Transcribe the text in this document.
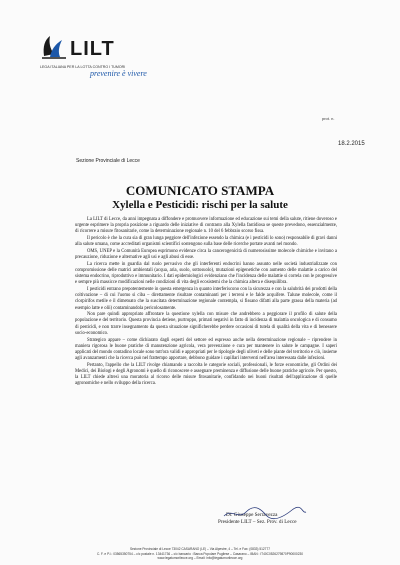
LILT
LEGA ITALIANA PER LA LOTTA CONTRO I TUMORI
prevenire è vivere
prot. n.
18.2.2015
Sezione Provinciale di Lecce
COMUNICATO STAMPA
Xylella e Pesticidi: rischi per la salute

La LILT di Lecce, da anni impegnata a diffondere e promuovere informazione ed educazione sui temi della salute, ritiene doveroso e urgente esprimere la propria posizione a riguardo delle iniziative di contrasto alla Xylella fastidiosa se queste prevedono, essenzialmente, di ricorrere a misure fitosanitarie, come la determinazione regionale n. 10 del 6 febbraio scorso fissa.

Il pericolo è che la cura sia di gran lunga peggiore dell'infezione essendo la chimica (e i pesticidi lo sono) responsabile di gravi danni alla salute umana, come accreditati organismi scientifici sostengono sulla base delle ricerche portate avanti nel mondo.

OMS, UNEP e la Comunità Europea esprimono evidenze circa la cancerogenicità di numerosissime molecole chimiche e invitano a precauzione, riduzione e alternative agli usi e agli abusi di esse.

La ricerca mette in guardia dal ruolo pervasivo che gli interferenti endocrini hanno assunto nelle società industrializzate con compromissione delle matrici ambientali (acqua, aria, suolo, sottosuolo), mutazioni epigenetiche con aumento delle malattie a carico del sistema endocrino, riproduttivo e immunitario. I dati epidemiologici evidenziano che l'incidenza delle malattie si correla con le progressive e sempre più massicce modificazioni nelle condizioni di vita degli ecosistemi che la chimica altera e disequilibra.

I pesticidi entrano prepotentemente in questa emergenza in quanto interferiscono con la sicurezza e con la salubrità dei prodotti della coltivazione – di cui l'uomo si ciba – direttamente risultare contaminanti per i terreni e le falde acquifere. Talune molecole, come il clorpirifos metile e il dimetoato che la suscitata determinazione regionale contempla, si fissano difatti alla parte grassa della materia (ad esempio latte e olii) contaminandola pericolosamente.

Non pare quindi appropriato affrontare la questione xylella con misure che andrebbero a peggiorare il profilo di salute della popolazione e del territorio. Questa provincia detiene, purtroppo, primati negativi in fatto di incidenza di malattia oncologica e di consumo di pesticidi, e non trarre insegnamento da questa situazione significherebbe perdere occasioni di tutela di qualità della vita e di benessere socio-economico.

Strategico appare – come dichiarato dagli esperti del settore ed espresso anche nella determinazione regionale – riprendere in maniera rigorosa le buone pratiche di manutenzione agricola, vera prevenzione e cura per mantenere in salute le campagne. I saperi applicati del mondo contadino locale sono tutt'ora validi e appropriati per le tipologie degli uliveti e delle piante del territorio e ciò, insieme agli avanzamenti che la ricerca può nel frattempo apportare, debbono guidare i capillari interventi nell'area interessata dalle infezioni.

Pertanto, l'appello che la LILT rivolge chiamando a raccolta le categorie sociali, professionali, le forze economiche, gli Ordini dei Medici, dei Biologi e degli Agronomi è quello di riconoscere e assegnare preminenza e diffusione delle buone pratiche agricole. Per questo, la LILT chiede altresì una moratoria al ricorso delle misure fitosanitarie, confidando nei buoni risultati dell'applicazione di quelle agronomiche e nello sviluppo della ricerca.

Dr. Giuseppe Serravezza
Presidente LILT – Sez. Prov. di Lecce
Sezione Provinciale di Lecce 73042 CASARANO (LE) – Via Alpestre, 4 – Tel. e Fax: (0833) 512777
C. F. e P.I.: 03565350754 – c/c postale n. 13441736 – c/c bancario : Banca Popolare Pugliese – Casarano – IBAN : IT40C0526279870P90000230
www.legatumorilecce.org – Email: info@legatumorilecce.org
